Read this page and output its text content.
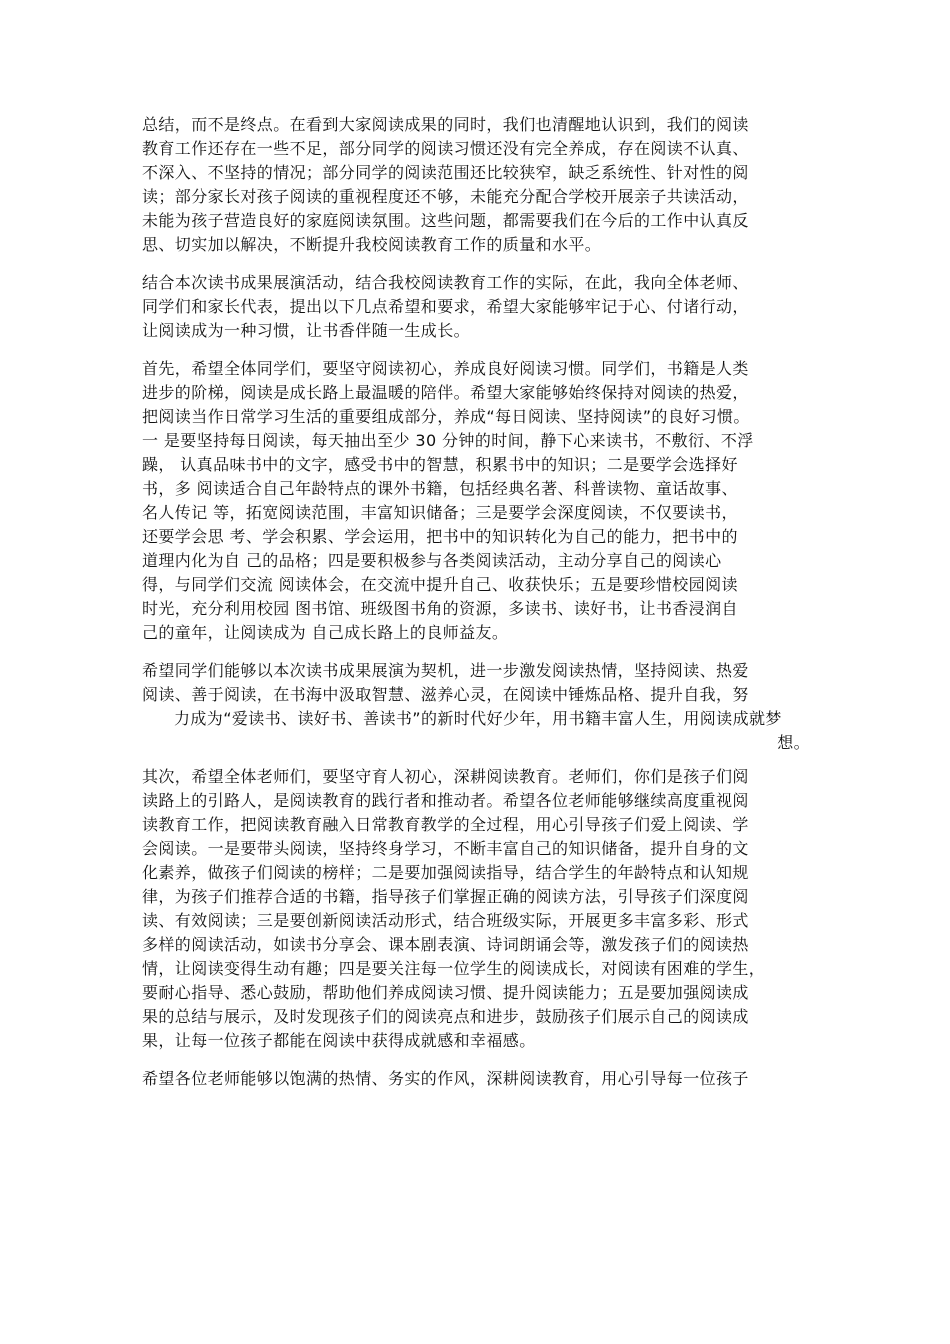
总结，而不是终点。在看到大家阅读成果的同时，我们也清醒地认识到，我们的阅读
教育工作还存在一些不足，部分同学的阅读习惯还没有完全养成，存在阅读不认真、
不深入、不坚持的情况；部分同学的阅读范围还比较狭窄，缺乏系统性、针对性的阅
读；部分家长对孩子阅读的重视程度还不够，未能充分配合学校开展亲子共读活动，
未能为孩子营造良好的家庭阅读氛围。这些问题，都需要我们在今后的工作中认真反
思、切实加以解决，不断提升我校阅读教育工作的质量和水平。
结合本次读书成果展演活动，结合我校阅读教育工作的实际，在此，我向全体老师、
同学们和家长代表，提出以下几点希望和要求，希望大家能够牢记于心、付诸行动，
让阅读成为一种习惯，让书香伴随一生成长。
首先，希望全体同学们，要坚守阅读初心，养成良好阅读习惯。同学们，书籍是人类
进步的阶梯，阅读是成长路上最温暖的陪伴。希望大家能够始终保持对阅读的热爱，
把阅读当作日常学习生活的重要组成部分，养成“每日阅读、坚持阅读”的良好习惯。
一 是要坚持每日阅读，每天抽出至少 30 分钟的时间，静下心来读书，不敷衍、不浮
躁， 认真品味书中的文字，感受书中的智慧，积累书中的知识；二是要学会选择好
书，多 阅读适合自己年龄特点的课外书籍，包括经典名著、科普读物、童话故事、
名人传记 等，拓宽阅读范围，丰富知识储备；三是要学会深度阅读，不仅要读书，
还要学会思 考、学会积累、学会运用，把书中的知识转化为自己的能力，把书中的
道理内化为自 己的品格；四是要积极参与各类阅读活动，主动分享自己的阅读心
得，与同学们交流 阅读体会，在交流中提升自己、收获快乐；五是要珍惜校园阅读
时光，充分利用校园 图书馆、班级图书角的资源，多读书、读好书，让书香浸润自
己的童年，让阅读成为 自己成长路上的良师益友。
希望同学们能够以本次读书成果展演为契机，进一步激发阅读热情，坚持阅读、热爱
阅读、善于阅读，在书海中汲取智慧、滋养心灵，在阅读中锤炼品格、提升自我，努
力成为“爱读书、读好书、善读书”的新时代好少年，用书籍丰富人生，用阅读成就梦
想。
其次，希望全体老师们，要坚守育人初心，深耕阅读教育。老师们，你们是孩子们阅
读路上的引路人，是阅读教育的践行者和推动者。希望各位老师能够继续高度重视阅
读教育工作，把阅读教育融入日常教育教学的全过程，用心引导孩子们爱上阅读、学
会阅读。一是要带头阅读，坚持终身学习，不断丰富自己的知识储备，提升自身的文
化素养，做孩子们阅读的榜样；二是要加强阅读指导，结合学生的年龄特点和认知规
律，为孩子们推荐合适的书籍，指导孩子们掌握正确的阅读方法，引导孩子们深度阅
读、有效阅读；三是要创新阅读活动形式，结合班级实际，开展更多丰富多彩、形式
多样的阅读活动，如读书分享会、课本剧表演、诗词朗诵会等，激发孩子们的阅读热
情，让阅读变得生动有趣；四是要关注每一位学生的阅读成长，对阅读有困难的学生，
要耐心指导、悉心鼓励，帮助他们养成阅读习惯、提升阅读能力；五是要加强阅读成
果的总结与展示，及时发现孩子们的阅读亮点和进步，鼓励孩子们展示自己的阅读成
果，让每一位孩子都能在阅读中获得成就感和幸福感。
希望各位老师能够以饱满的热情、务实的作风，深耕阅读教育，用心引导每一位孩子
